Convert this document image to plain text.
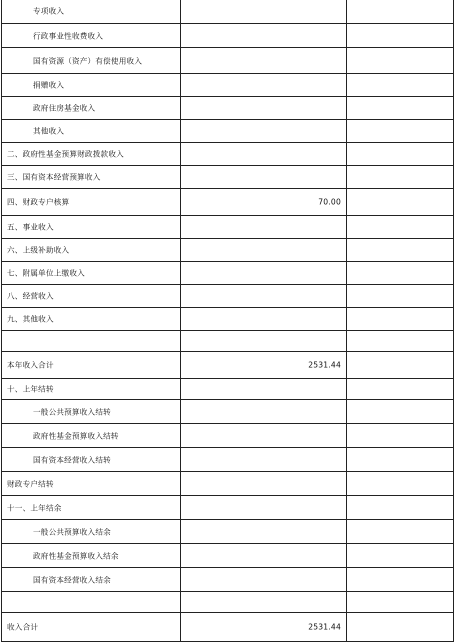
专项收入
行政事业性收费收入
国有资源（资产）有偿使用收入
捐赠收入
政府住房基金收入
其他收入
二、政府性基金预算财政拨款收入
三、国有资本经营预算收入
四、财政专户核算	70.00
五、事业收入
六、上级补助收入
七、附属单位上缴收入
八、经营收入
九、其他收入
本年收入合计	2531.44
十、上年结转
一般公共预算收入结转
政府性基金预算收入结转
国有资本经营收入结转
财政专户结转
十一、上年结余
一般公共预算收入结余
政府性基金预算收入结余
国有资本经营收入结余
收入合计	2531.44
